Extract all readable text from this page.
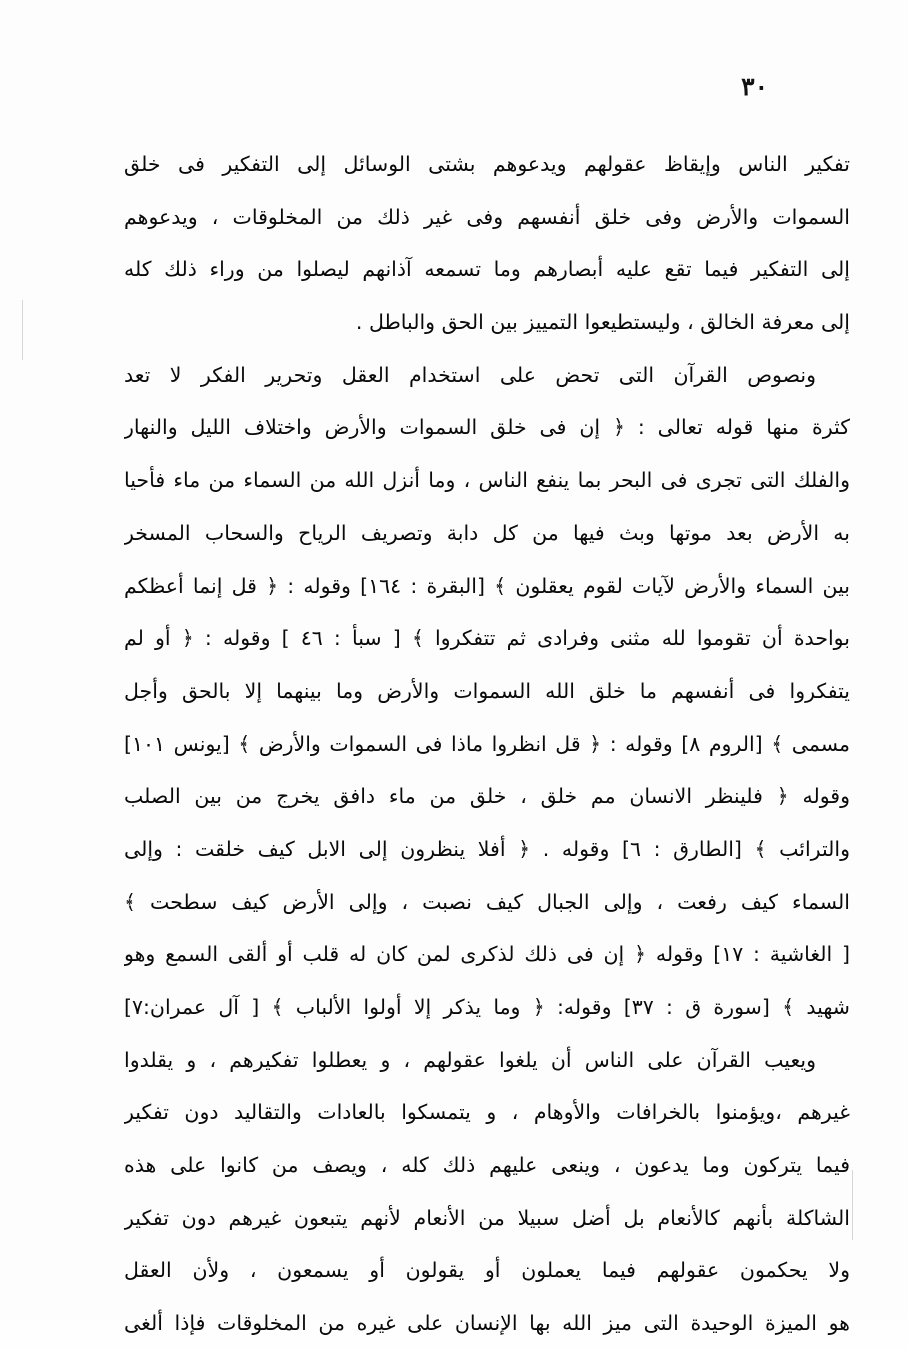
٣٠
تفكير الناس وإيقاظ عقولهم ويدعوهم بشتى الوسائل إلى التفكير فى خلق
السموات والأرض وفى خلق أنفسهم وفى غير ذلك من المخلوقات ، ويدعوهم
إلى التفكير فيما تقع عليه أبصارهم وما تسمعه آذانهم ليصلوا من وراء ذلك كله
إلى معرفة الخالق ، وليستطيعوا التمييز بين الحق والباطل .
ونصوص القرآن التى تحض على استخدام العقل وتحرير الفكر لا تعد
كثرة منها قوله تعالى : ﴿ إن فى خلق السموات والأرض واختلاف الليل والنهار
والفلك التى تجرى فى البحر بما ينفع الناس ، وما أنزل الله من السماء من ماء فأحيا
به الأرض بعد موتها وبث فيها من كل دابة وتصريف الرياح والسحاب المسخر
بين السماء والأرض لآيات لقوم يعقلون ﴾ [البقرة : ١٦٤] وقوله : ﴿ قل إنما أعظكم
بواحدة أن تقوموا لله مثنى وفرادى ثم تتفكروا ﴾ [ سبأ : ٤٦ ] وقوله : ﴿ أو لم
يتفكروا فى أنفسهم ما خلق الله السموات والأرض وما بينهما إلا بالحق وأجل
مسمى ﴾ [الروم ٨] وقوله : ﴿ قل انظروا ماذا فى السموات والأرض ﴾ [يونس ١٠١]
وقوله ﴿ فلينظر الانسان مم خلق ، خلق من ماء دافق يخرج من بين الصلب
والترائب ﴾ [الطارق : ٦] وقوله . ﴿ أفلا ينظرون إلى الابل كيف خلقت : وإلى
السماء كيف رفعت ، وإلى الجبال كيف نصبت ، وإلى الأرض كيف سطحت ﴾
[ الغاشية : ١٧] وقوله ﴿ إن فى ذلك لذكرى لمن كان له قلب أو ألقى السمع وهو
شهيد ﴾ [سورة ق : ٣٧] وقوله: ﴿ وما يذكر إلا أولوا الألباب ﴾ [ آل عمران:٧]
ويعيب القرآن على الناس أن يلغوا عقولهم ، و يعطلوا تفكيرهم ، و يقلدوا
غيرهم ،ويؤمنوا بالخرافات والأوهام ، و يتمسكوا بالعادات والتقاليد دون تفكير
فيما يتركون وما يدعون ، وينعى عليهم ذلك كله ، ويصف من كانوا على هذه
الشاكلة بأنهم كالأنعام بل أضل سبيلا من الأنعام لأنهم يتبعون غيرهم دون تفكير
ولا يحكمون عقولهم فيما يعملون أو يقولون أو يسمعون ، ولأن العقل
هو الميزة الوحيدة التى ميز الله بها الإنسان على غيره من المخلوقات فإذا ألغى
